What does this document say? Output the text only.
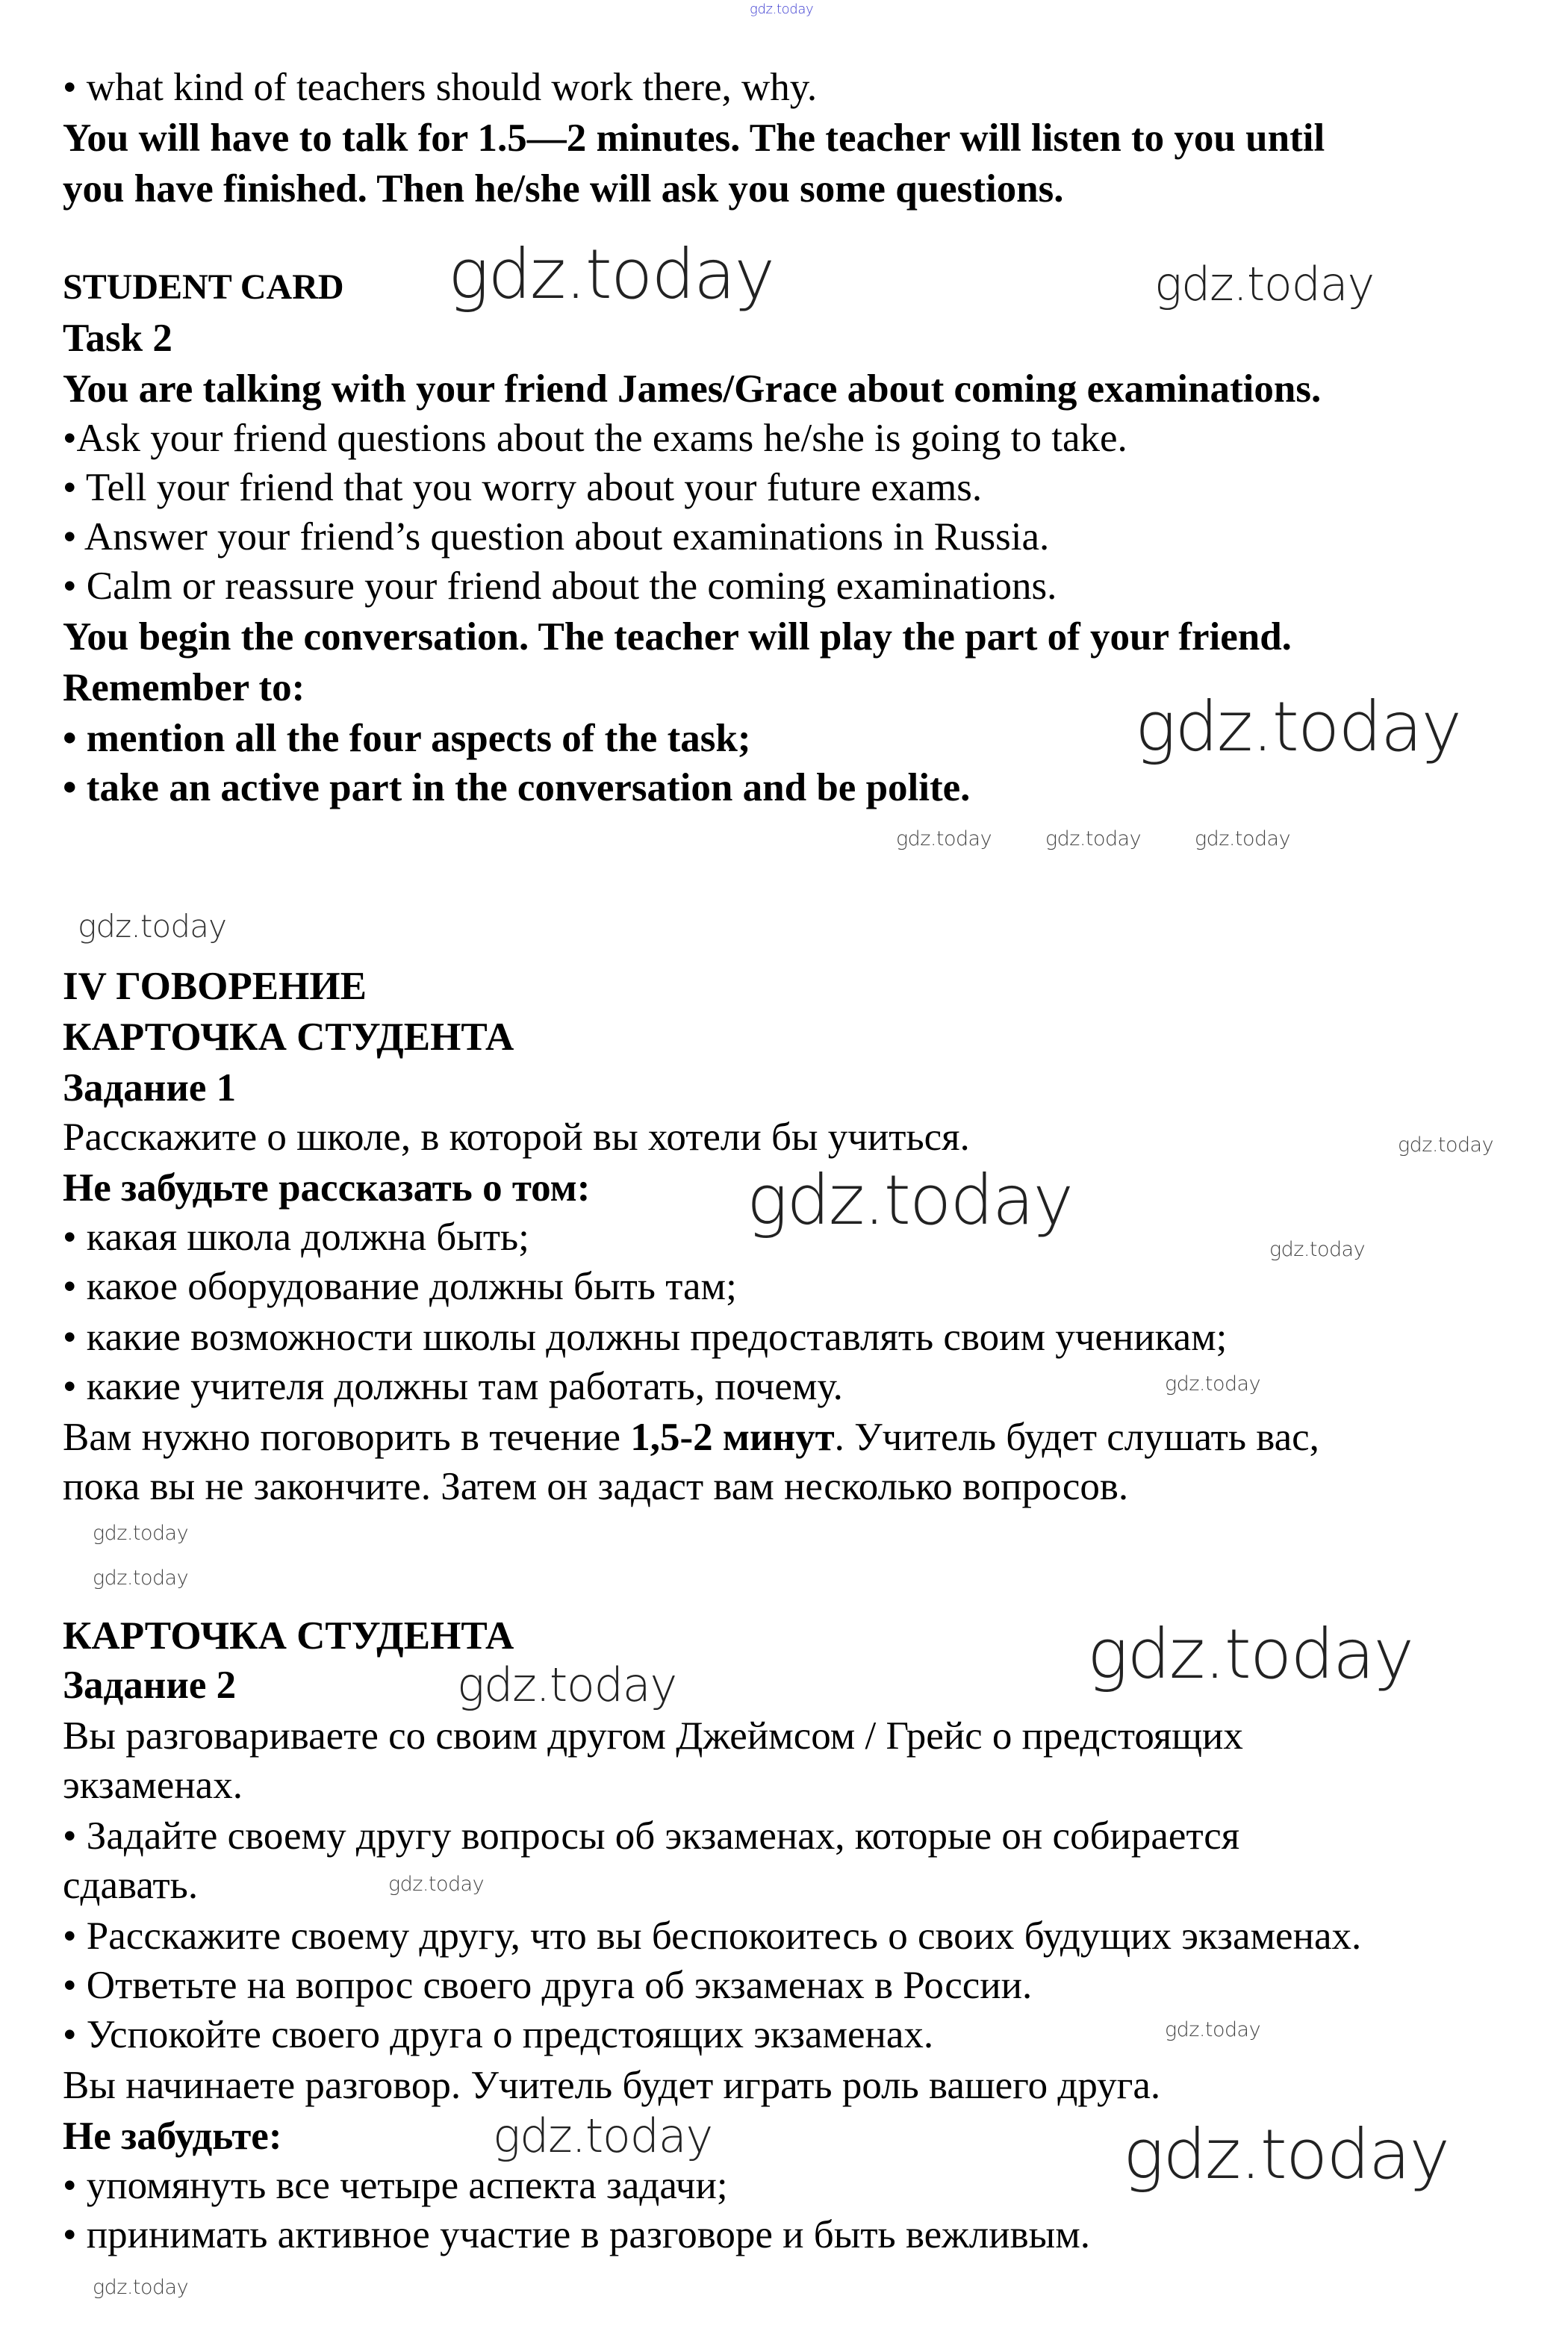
gdz.today
• what kind of teachers should work there, why.
You will have to talk for 1.5—2 minutes. The teacher will listen to you until
you have finished. Then he/she will ask you some questions.
STUDENT CARD
Task 2
You are talking with your friend James/Grace about coming examinations.
•Ask your friend questions about the exams he/she is going to take.
• Tell your friend that you worry about your future exams.
• Answer your friend’s question about examinations in Russia.
• Calm or reassure your friend about the coming examinations.
You begin the conversation. The teacher will play the part of your friend.
Remember to:
• mention all the four aspects of the task;
• take an active part in the conversation and be polite.
IV ГОВОРЕНИЕ
КАРТОЧКА СТУДЕНТА
Задание 1
Расскажите о школе, в которой вы хотели бы учиться.
Не забудьте рассказать о том:
• какая школа должна быть;
• какое оборудование должны быть там;
• какие возможности школы должны предоставлять своим ученикам;
• какие учителя должны там работать, почему.
Вам нужно поговорить в течение 1,5-2 минут. Учитель будет слушать вас,
пока вы не закончите. Затем он задаст вам несколько вопросов.
КАРТОЧКА СТУДЕНТА
Задание 2
Вы разговариваете со своим другом Джеймсом / Грейс о предстоящих
экзаменах.
• Задайте своему другу вопросы об экзаменах, которые он собирается
сдавать.
• Расскажите своему другу, что вы беспокоитесь о своих будущих экзаменах.
• Ответьте на вопрос своего друга об экзаменах в России.
• Успокойте своего друга о предстоящих экзаменах.
Вы начинаете разговор. Учитель будет играть роль вашего друга.
Не забудьте:
• упомянуть все четыре аспекта задачи;
• принимать активное участие в разговоре и быть вежливым.
gdz.today	gdz.today
gdz.today
gdz.today
gdz.today
gdz.today
gdz.today	gdz.today
gdz.today
gdz.today	gdz.today	gdz.today
gdz.today
gdz.today
gdz.today
gdz.today
gdz.today
gdz.today
gdz.today
gdz.today
